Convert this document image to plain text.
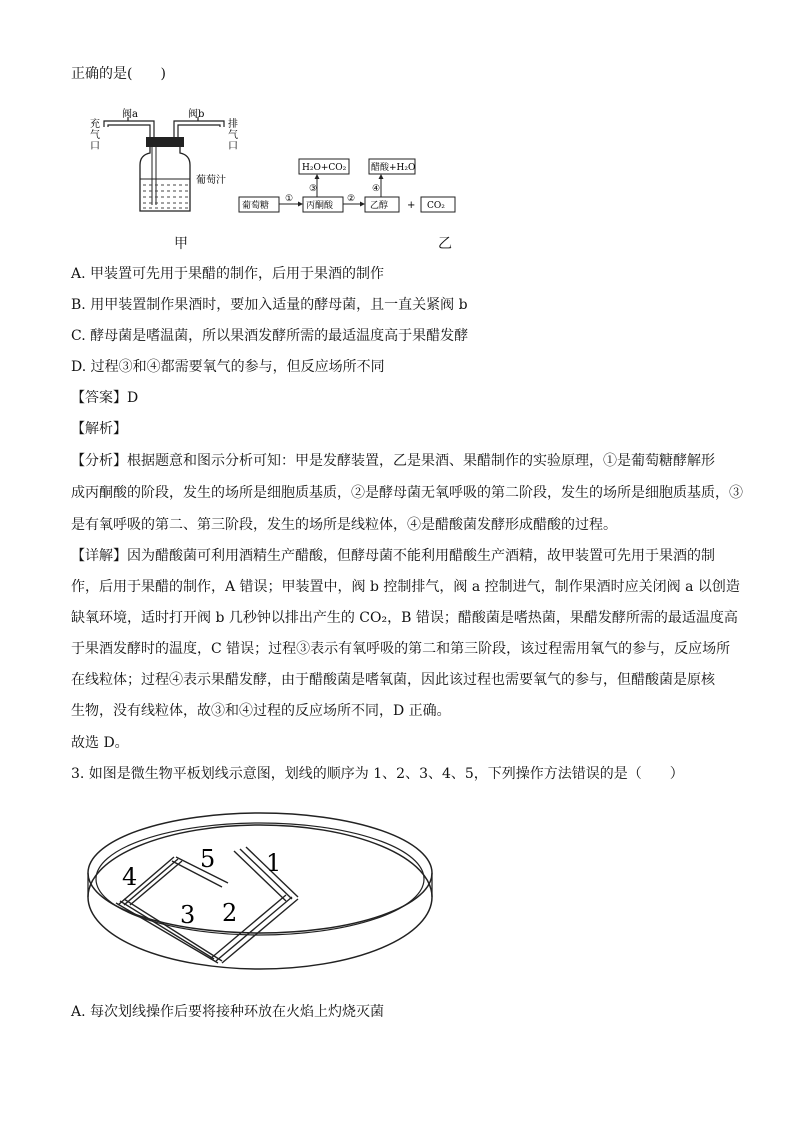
正确的是(　　)
充
气
口
排
气
口
阀a	阀b
葡萄汁
H₂O+CO₂	醋酸+H₂O
葡萄糖	丙酮酸	乙醇 + CO₂
①	②
③	④
甲	乙
A. 甲装置可先用于果醋的制作，后用于果酒的制作
B. 用甲装置制作果酒时，要加入适量的酵母菌，且一直关紧阀 b
C. 酵母菌是嗜温菌，所以果酒发酵所需的最适温度高于果醋发酵
D. 过程③和④都需要氧气的参与，但反应场所不同
【答案】D
【解析】
【分析】根据题意和图示分析可知：甲是发酵装置，乙是果酒、果醋制作的实验原理，①是葡萄糖酵解形
成丙酮酸的阶段，发生的场所是细胞质基质，②是酵母菌无氧呼吸的第二阶段，发生的场所是细胞质基质，③
是有氧呼吸的第二、第三阶段，发生的场所是线粒体，④是醋酸菌发酵形成醋酸的过程。
【详解】因为醋酸菌可利用酒精生产醋酸，但酵母菌不能利用醋酸生产酒精，故甲装置可先用于果酒的制
作，后用于果醋的制作，A 错误；甲装置中，阀 b 控制排气，阀 a 控制进气，制作果酒时应关闭阀 a 以创造
缺氧环境，适时打开阀 b 几秒钟以排出产生的 CO₂，B 错误；醋酸菌是嗜热菌，果醋发酵所需的最适温度高
于果酒发酵时的温度，C 错误；过程③表示有氧呼吸的第二和第三阶段，该过程需用氧气的参与，反应场所
在线粒体；过程④表示果醋发酵，由于醋酸菌是嗜氧菌，因此该过程也需要氧气的参与，但醋酸菌是原核
生物，没有线粒体，故③和④过程的反应场所不同，D 正确。
故选 D。
3. 如图是微生物平板划线示意图，划线的顺序为 1、2、3、4、5，下列操作方法错误的是（　　）
1
2
3
4
5
A. 每次划线操作后要将接种环放在火焰上灼烧灭菌
